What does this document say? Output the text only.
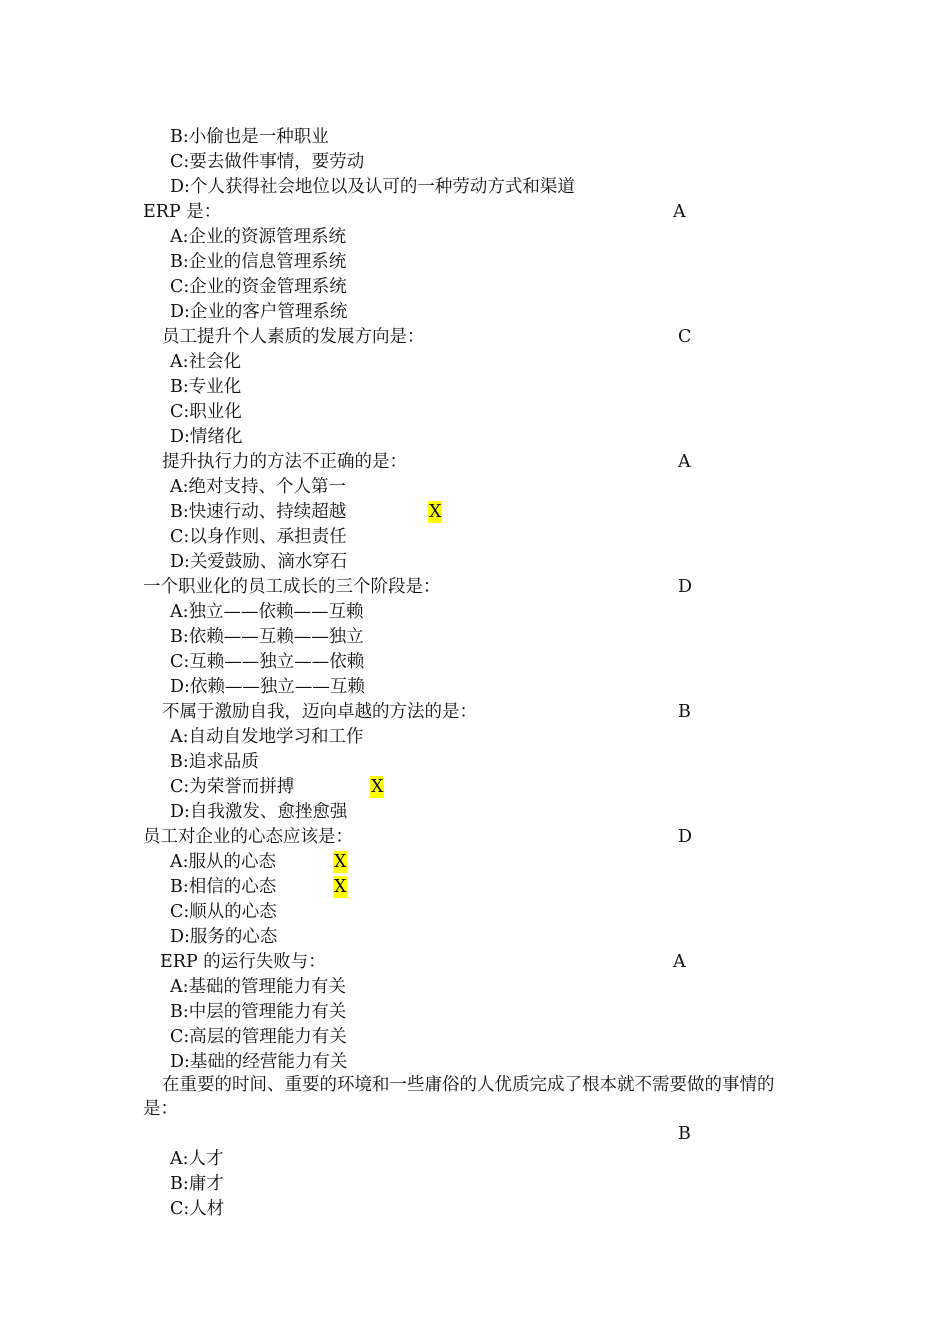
B:小偷也是一种职业
C:要去做件事情，要劳动
D:个人获得社会地位以及认可的一种劳动方式和渠道
ERP 是：	A
A:企业的资源管理系统
B:企业的信息管理系统
C:企业的资金管理系统
D:企业的客户管理系统
员工提升个人素质的发展方向是：	C
A:社会化
B:专业化
C:职业化
D:情绪化
提升执行力的方法不正确的是：	A
A:绝对支持、个人第一
B:快速行动、持续超越	X
C:以身作则、承担责任
D:关爱鼓励、滴水穿石
一个职业化的员工成长的三个阶段是：	D
A:独立——依赖——互赖
B:依赖——互赖——独立
C:互赖——独立——依赖
D:依赖——独立——互赖
不属于激励自我，迈向卓越的方法的是：	B
A:自动自发地学习和工作
B:追求品质
C:为荣誉而拼搏	X
D:自我激发、愈挫愈强
员工对企业的心态应该是：	D
A:服从的心态	X
B:相信的心态	X
C:顺从的心态
D:服务的心态
ERP 的运行失败与：	A
A:基础的管理能力有关
B:中层的管理能力有关
C:高层的管理能力有关
D:基础的经营能力有关
在重要的时间、重要的环境和一些庸俗的人优质完成了根本就不需要做的事情的
是：
B
A:人才
B:庸才
C:人材
